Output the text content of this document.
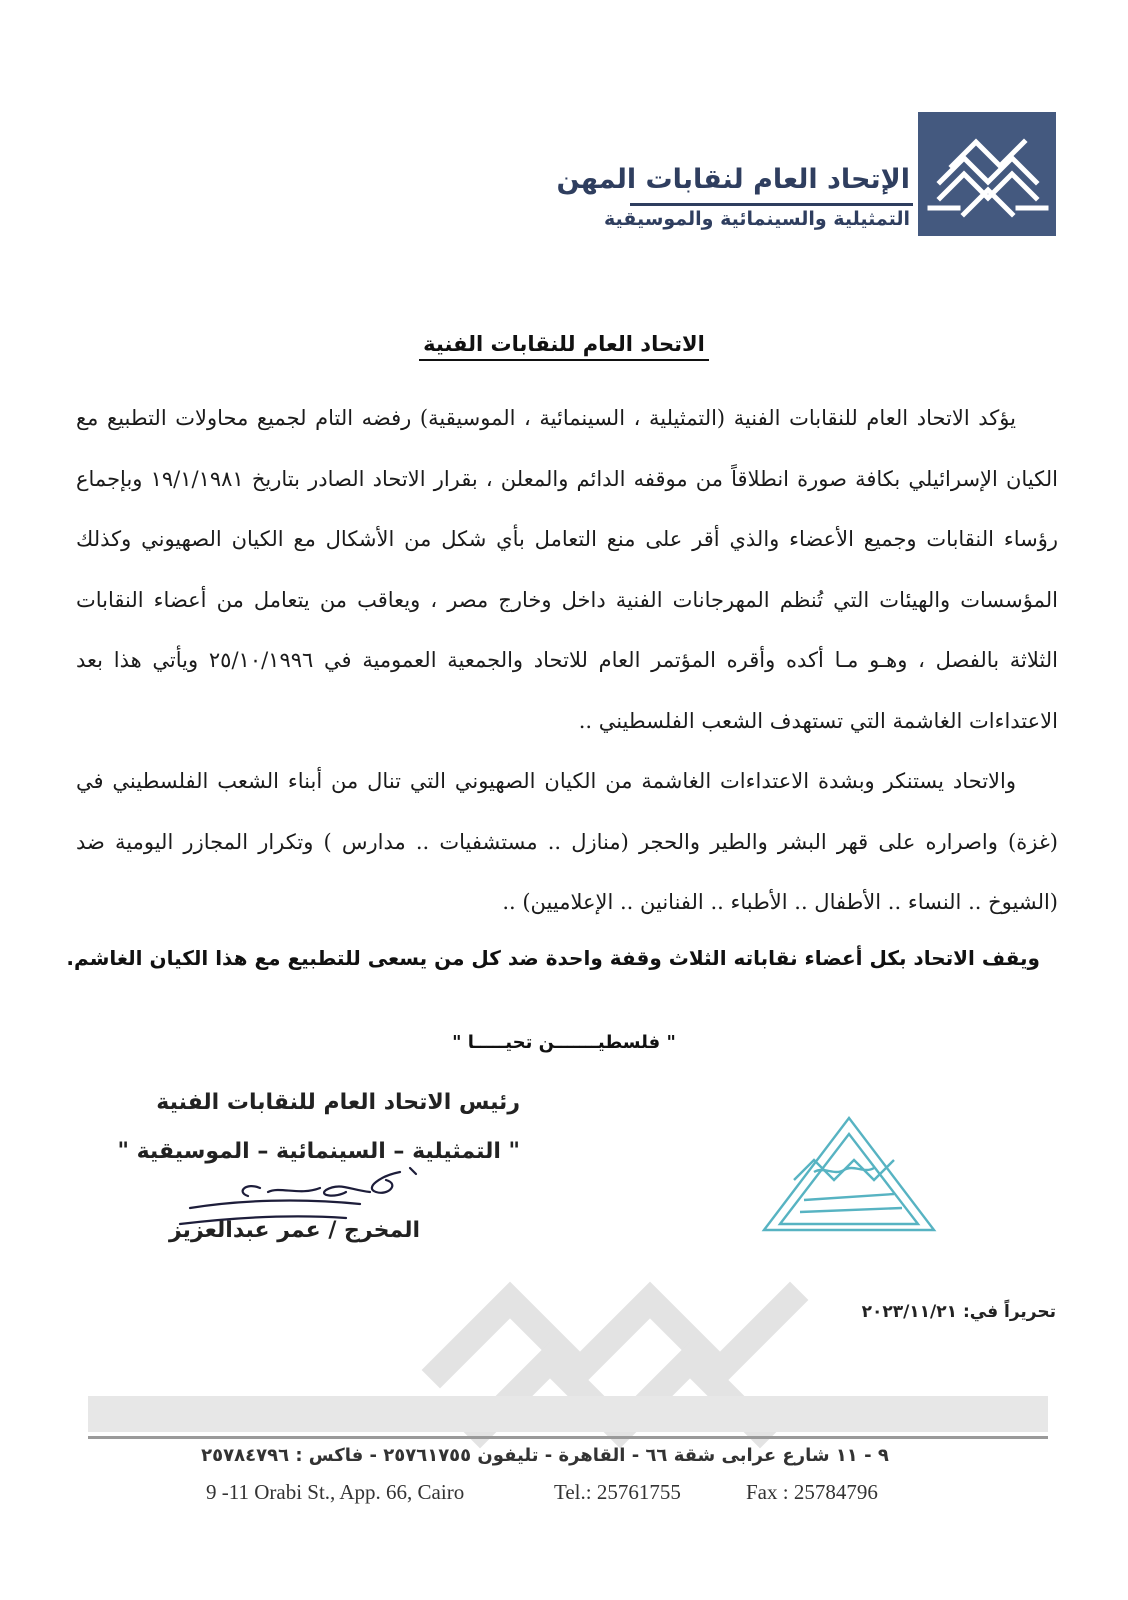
الإتحاد العام لنقابات المهن
التمثيلية والسينمائية والموسيقية
الاتحاد العام للنقابات الفنية

يؤكد الاتحاد العام للنقابات الفنية (التمثيلية ، السينمائية ، الموسيقية) رفضه التام لجميع محاولات التطبيع مع الكيان الإسرائيلي بكافة صورة انطلاقاً من موقفه الدائم والمعلن ، بقرار الاتحاد الصادر بتاريخ ١٩/١/١٩٨١ وبإجماع رؤساء النقابات وجميع الأعضاء والذي أقر على منع التعامل بأي شكل من الأشكال مع الكيان الصهيوني وكذلك المؤسسات والهيئات التي تُنظم المهرجانات الفنية داخل وخارج مصر ، ويعاقب من يتعامل من أعضاء النقابات الثلاثة بالفصل ، وهـو مـا أكده وأقره المؤتمر العام للاتحاد والجمعية العمومية في ٢٥/١٠/١٩٩٦ ويأتي هذا بعد الاعتداءات الغاشمة التي تستهدف الشعب الفلسطيني ..

والاتحاد يستنكر وبشدة الاعتداءات الغاشمة من الكيان الصهيوني التي تنال من أبناء الشعب الفلسطيني في (غزة) واصراره على قهر البشر والطير والحجر (منازل .. مستشفيات .. مدارس ) وتكرار المجازر اليومية ضد (الشيوخ .. النساء .. الأطفال .. الأطباء .. الفنانين .. الإعلاميين) ..

ويقف الاتحاد بكل أعضاء نقاباته الثلاث وقفة واحدة ضد كل من يسعى للتطبيع مع هذا الكيان الغاشم.
" فلسطيـــــــن تحيـــــا "
رئيس الاتحاد العام للنقابات الفنية
" التمثيلية – السينمائية – الموسيقية "
المخرج / عمر عبدالعزيز
تحريراً في: ٢٠٢٣/١١/٢١
٩ - ١١ شارع عرابى شقة ٦٦ - القاهرة - تليفون ٢٥٧٦١٧٥٥ - فاكس : ٢٥٧٨٤٧٩٦
9 -11 Orabi St., App. 66, Cairo	Tel.: 25761755	Fax : 25784796
